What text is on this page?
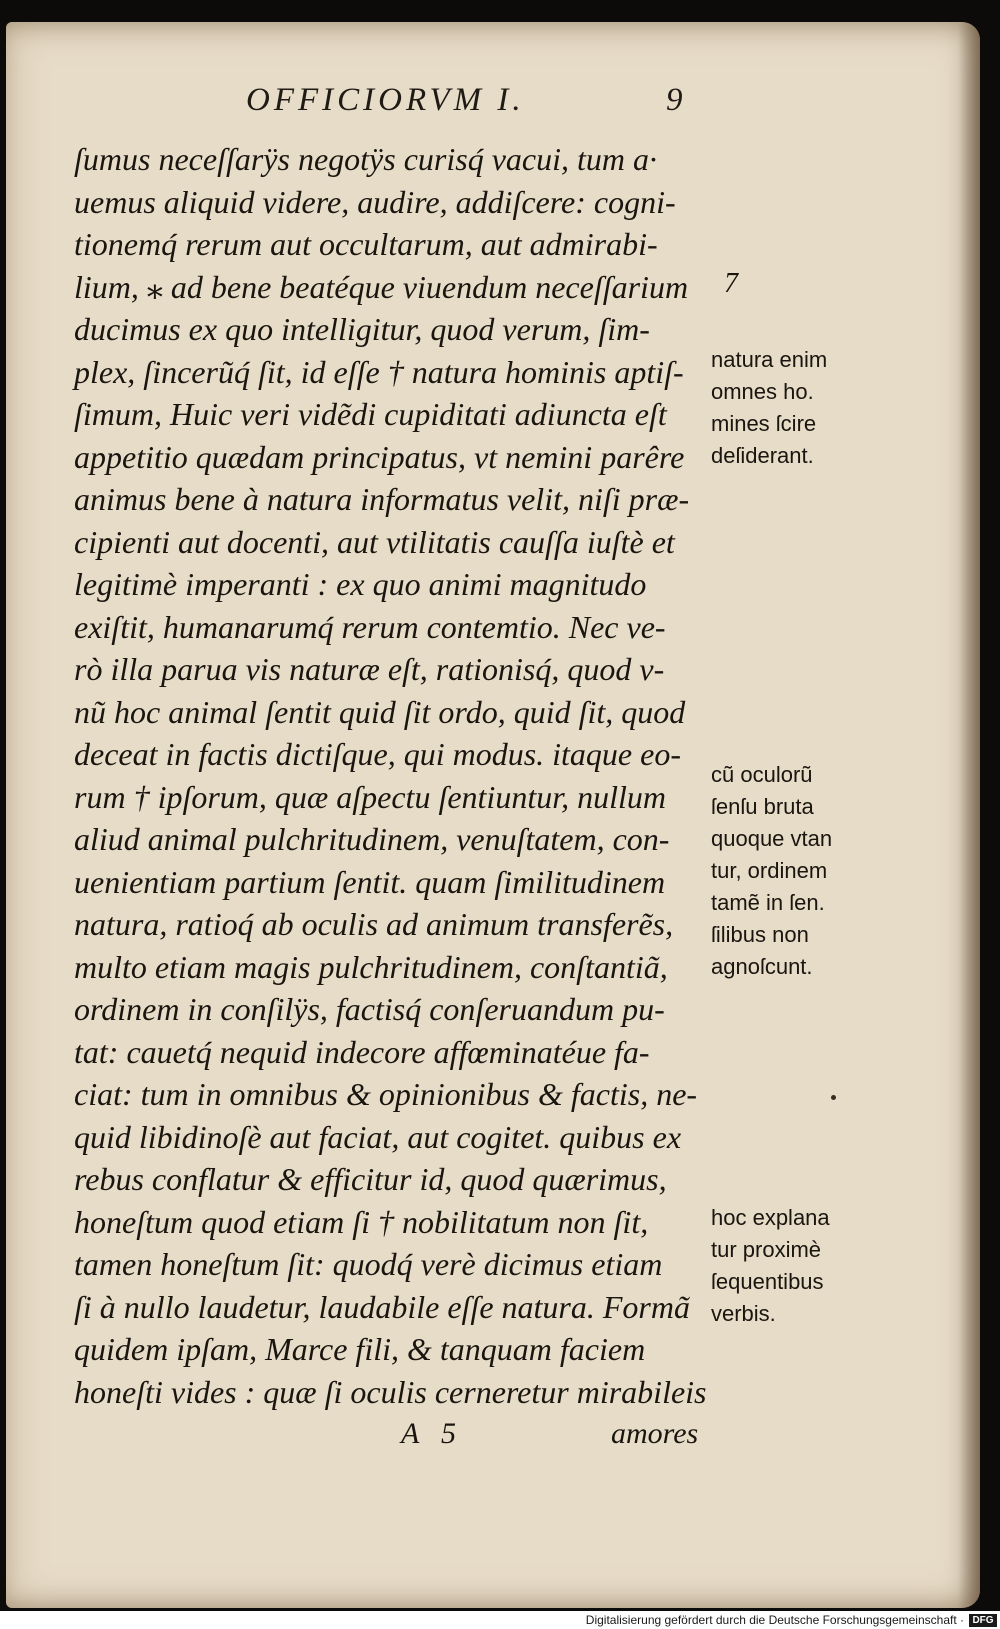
OFFICIORVM I.	9
ſumus neceſſarÿs negotÿs curisq́ vacui, tum a·
uemus aliquid videre, audire, addiſcere: cogni-
tionemq́ rerum aut occultarum, aut admirabi-
lium, ⁎ ad bene beatéque viuendum neceſſarium
ducimus ex quo intelligitur, quod verum, ſim-
plex, ſincerũq́ ſit, id eſſe † natura hominis aptiſ-
ſimum, Huic veri vidẽdi cupiditati adiuncta eſt
appetitio quædam principatus, vt nemini parêre
animus bene à natura informatus velit, niſi præ-
cipienti aut docenti, aut vtilitatis cauſſa iuſtè et
legitimè imperanti : ex quo animi magnitudo
exiſtit, humanarumq́ rerum contemtio. Nec ve-
rò illa parua vis naturæ eſt, rationisq́, quod v-
nũ hoc animal ſentit quid ſit ordo, quid ſit, quod
deceat in factis dictiſque, qui modus. itaque eo-
rum † ipſorum, quæ aſpectu ſentiuntur, nullum
aliud animal pulchritudinem, venuſtatem, con-
uenientiam partium ſentit. quam ſimilitudinem
natura, ratioq́ ab oculis ad animum transferẽs,
multo etiam magis pulchritudinem, conſtantiã,
ordinem in conſilÿs, factisq́ conſeruandum pu-
tat: cauetq́ nequid indecore affœminatéue fa-
ciat: tum in omnibus & opinionibus & factis, ne-
quid libidinoſè aut faciat, aut cogitet. quibus ex
rebus conflatur & efficitur id, quod quærimus,
honeſtum quod etiam ſi † nobilitatum non ſit,
tamen honeſtum ſit: quodq́ verè dicimus etiam
ſi à nullo laudetur, laudabile eſſe natura. Formã
quidem ipſam, Marce fili, & tanquam faciem
honeſti vides : quæ ſi oculis cerneretur mirabileis
7
natura enim
omnes ho.
mines ſcire
deſiderant.
cũ oculorũ
ſenſu bruta
quoque vtan
tur, ordinem
tamẽ in ſen.
ſilibus non
agnoſcunt.
hoc explana
tur proximè
ſequentibus
verbis.
A 5	amores
Digitalisierung gefördert durch die Deutsche Forschungsgemeinschaft · DFG
